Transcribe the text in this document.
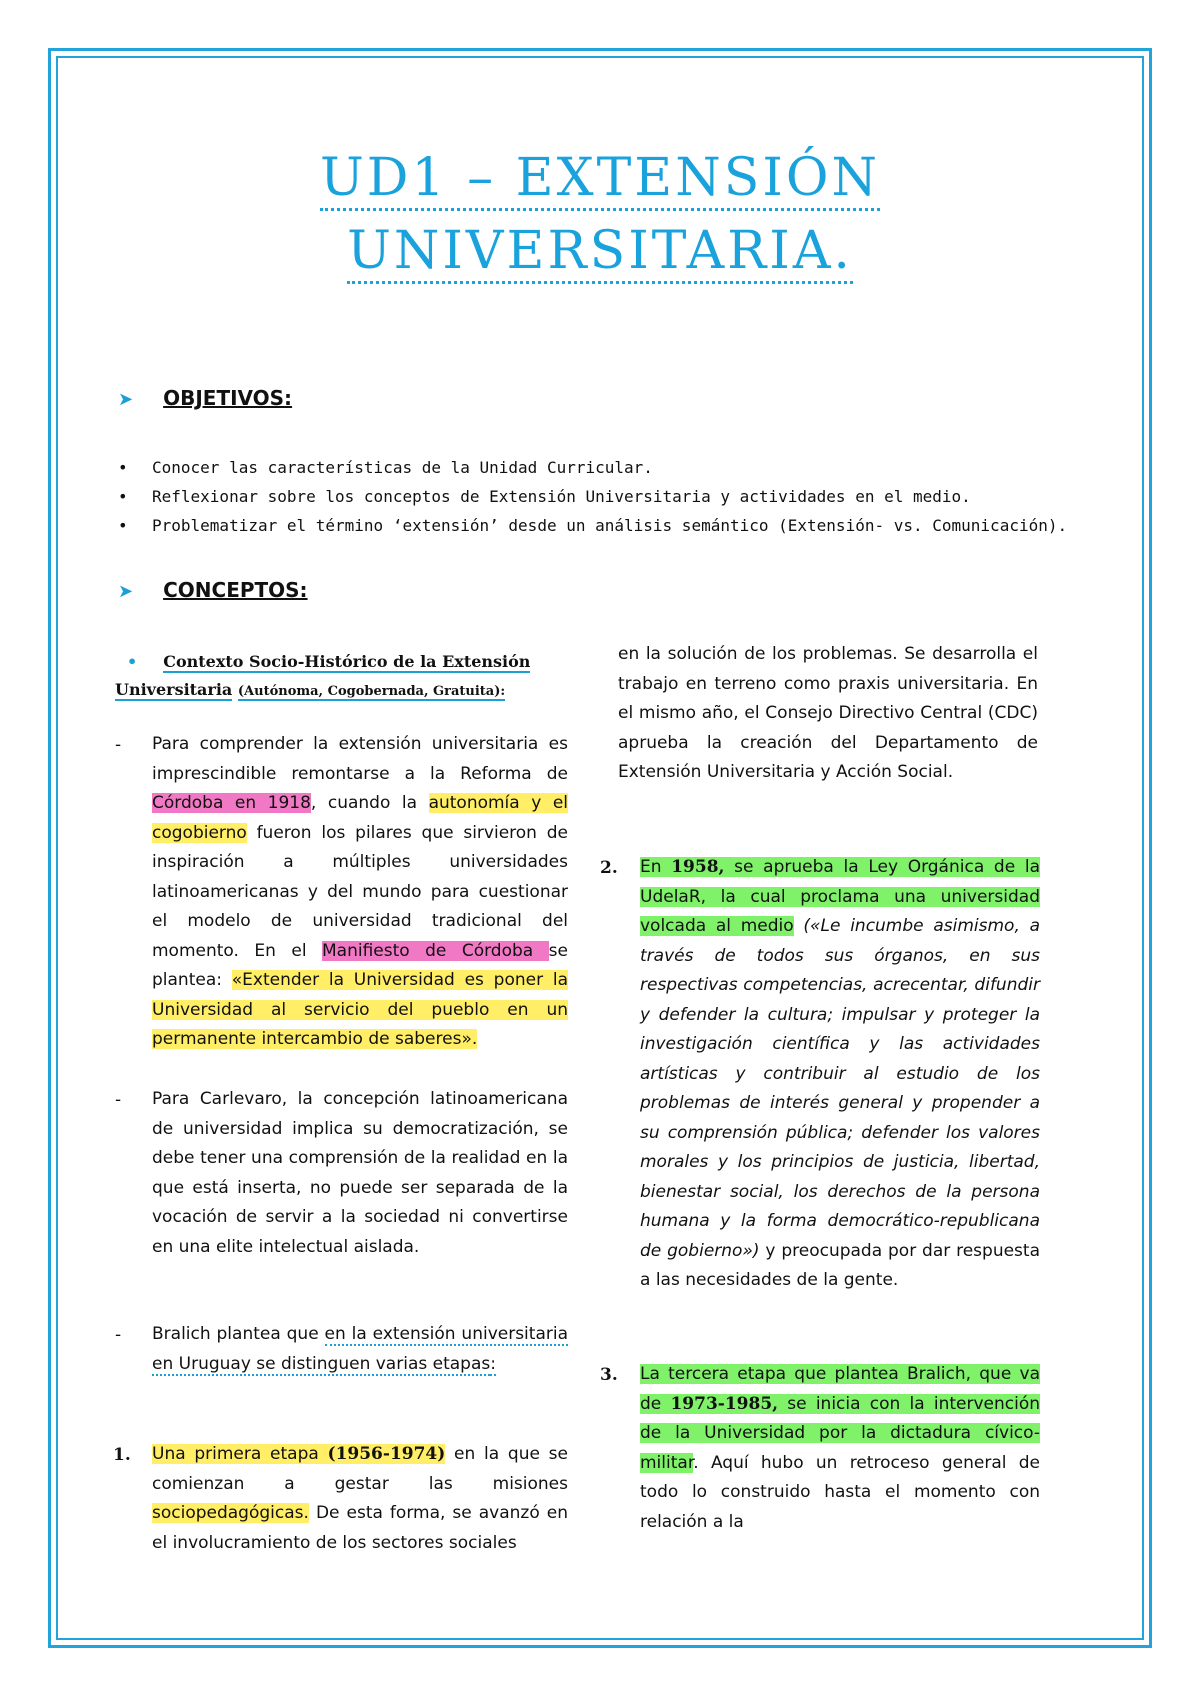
UD1 – EXTENSIÓN
UNIVERSITARIA.
➤ OBJETIVOS:
• Conocer las características de la Unidad Curricular.
• Reflexionar sobre los conceptos de Extensión Universitaria y actividades en el medio.
• Problematizar el término ‘extensión’ desde un análisis semántico (Extensión- vs. Comunicación).
➤ CONCEPTOS:
• Contexto Socio-Histórico de la Extensión
Universitaria (Autónoma, Cogobernada, Gratuita):
- Para comprender la extensión universitaria es imprescindible remontarse a la Reforma de Córdoba en 1918, cuando la autonomía y el cogobierno fueron los pilares que sirvieron de inspiración a múltiples universidades latinoamericanas y del mundo para cuestionar el modelo de universidad tradicional del momento. En el Manifiesto de Córdoba se plantea: «Extender la Universidad es poner la Universidad al servicio del pueblo en un permanente intercambio de saberes».

- Para Carlevaro, la concepción latinoamericana de universidad implica su democratización, se debe tener una comprensión de la realidad en la que está inserta, no puede ser separada de la vocación de servir a la sociedad ni convertirse en una elite intelectual aislada.

- Bralich plantea que en la extensión universitaria en Uruguay se distinguen varias etapas:

1. Una primera etapa (1956-1974) en la que se comienzan a gestar las misiones sociopedagógicas. De esta forma, se avanzó en el involucramiento de los sectores sociales

en la solución de los problemas. Se desarrolla el trabajo en terreno como praxis universitaria. En el mismo año, el Consejo Directivo Central (CDC) aprueba la creación del Departamento de Extensión Universitaria y Acción Social.

2. En 1958, se aprueba la Ley Orgánica de la UdelaR, la cual proclama una universidad volcada al medio («Le incumbe asimismo, a través de todos sus órganos, en sus respectivas competencias, acrecentar, difundir y defender la cultura; impulsar y proteger la investigación científica y las actividades artísticas y contribuir al estudio de los problemas de interés general y propender a su comprensión pública; defender los valores morales y los principios de justicia, libertad, bienestar social, los derechos de la persona humana y la forma democrático-republicana de gobierno») y preocupada por dar respuesta a las necesidades de la gente.

3. La tercera etapa que plantea Bralich, que va de 1973-1985, se inicia con la intervención de la Universidad por la dictadura cívico-militar. Aquí hubo un retroceso general de todo lo construido hasta el momento con relación a la
